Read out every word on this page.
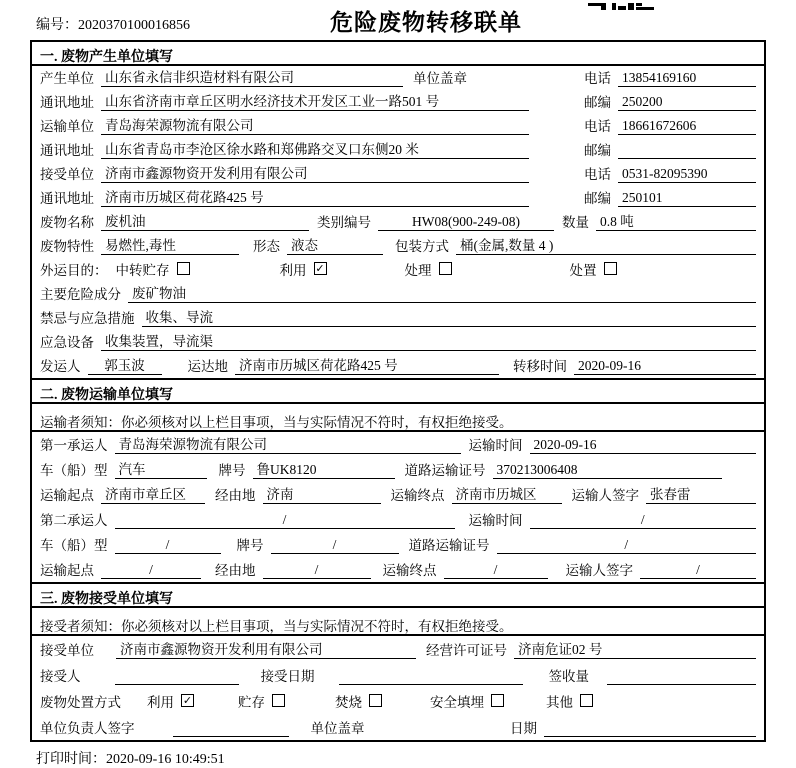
编号：2020370100016856	危险废物转移联单
一. 废物产生单位填写
产生单位 山东省永信非织造材料有限公司	单位盖章	电话 13854169160
通讯地址 山东省济南市章丘区明水经济技术开发区工业一路501 号	邮编 250200
运输单位 青岛海荣源物流有限公司	电话 18661672606
通讯地址 山东省青岛市李沧区徐水路和郑佛路交叉口东侧20 米	邮编
接受单位 济南市鑫源物资开发利用有限公司	电话 0531-82095390
通讯地址 济南市历城区荷花路425 号	邮编 250101
废物名称 废机油	类别编号	HW08(900-249-08)	数量 0.8 吨
废物特性 易燃性,毒性	形态 液态	包装方式 桶(金属,数量 4 )
外运目的： 中转贮存	利用 ✓	处理	处置
主要危险成分 废矿物油
禁忌与应急措施 收集、导流
应急设备 收集装置，导流渠
发运人	郭玉波	运达地 济南市历城区荷花路425 号	转移时间 2020-09-16
二. 废物运输单位填写
运输者须知：你必须核对以上栏目事项，当与实际情况不符时，有权拒绝接受。
第一承运人 青岛海荣源物流有限公司	运输时间 2020-09-16
车（船）型 汽车	牌号 鲁UK8120	道路运输证号 370213006408
运输起点 济南市章丘区	经由地 济南	运输终点 济南市历城区	运输人签字 张春雷
第二承运人	/	运输时间	/
车（船）型	/	牌号	/	道路运输证号	/
运输起点	/	经由地	/	运输终点	/	运输人签字	/
三. 废物接受单位填写
接受者须知：你必须核对以上栏目事项，当与实际情况不符时，有权拒绝接受。
接受单位 济南市鑫源物资开发利用有限公司	经营许可证号 济南危证02 号
接受人	接受日期	签收量
废物处置方式 利用 ✓	贮存	焚烧	安全填埋	其他
单位负责人签字	单位盖章	日期
打印时间：2020-09-16 10:49:51
